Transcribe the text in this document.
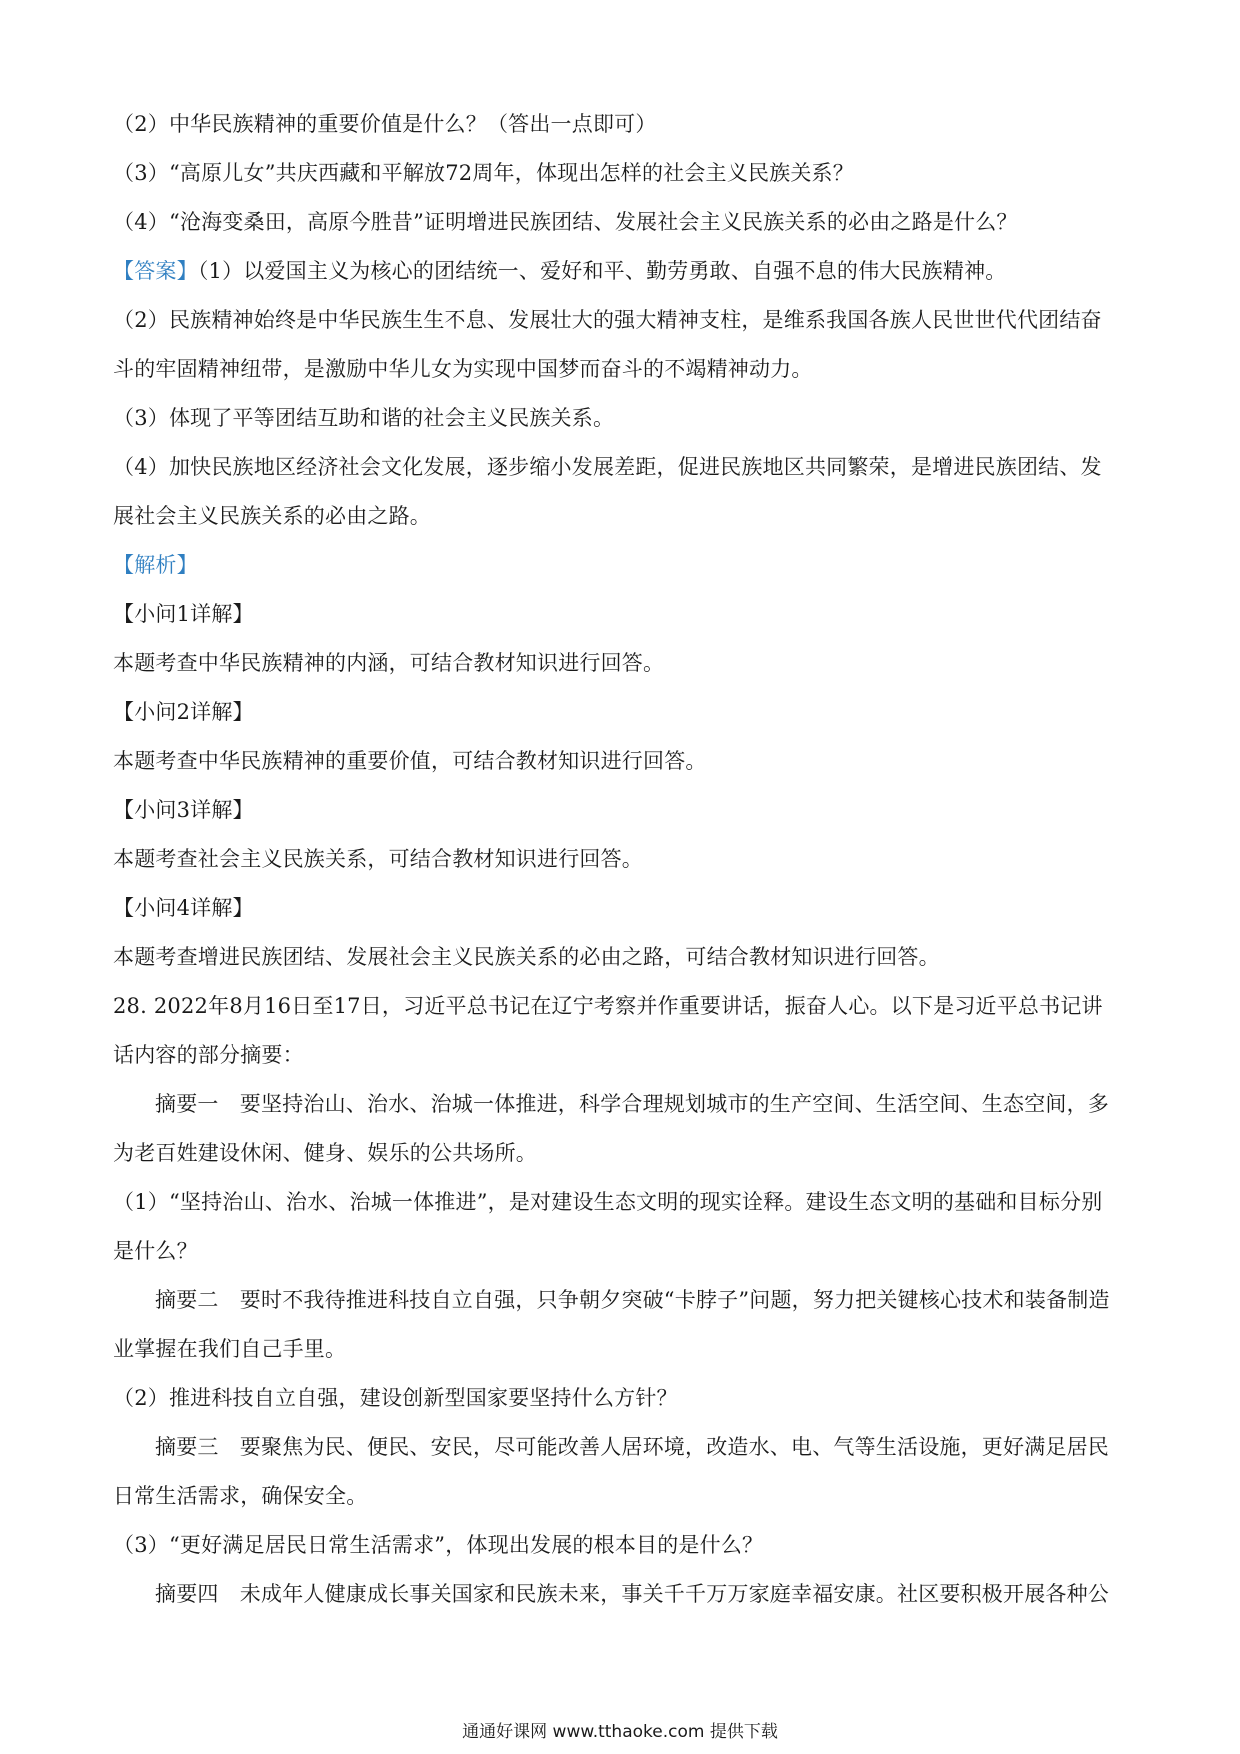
（2）中华民族精神的重要价值是什么？（答出一点即可）
（3）“高原儿女”共庆西藏和平解放72周年，体现出怎样的社会主义民族关系？
（4）“沧海变桑田，高原今胜昔”证明增进民族团结、发展社会主义民族关系的必由之路是什么？
【答案】（1）以爱国主义为核心的团结统一、爱好和平、勤劳勇敢、自强不息的伟大民族精神。
（2）民族精神始终是中华民族生生不息、发展壮大的强大精神支柱，是维系我国各族人民世世代代团结奋
斗的牢固精神纽带，是激励中华儿女为实现中国梦而奋斗的不竭精神动力。
（3）体现了平等团结互助和谐的社会主义民族关系。
（4）加快民族地区经济社会文化发展，逐步缩小发展差距，促进民族地区共同繁荣，是增进民族团结、发
展社会主义民族关系的必由之路。
【解析】
【小问1详解】
本题考查中华民族精神的内涵，可结合教材知识进行回答。
【小问2详解】
本题考查中华民族精神的重要价值，可结合教材知识进行回答。
【小问3详解】
本题考查社会主义民族关系，可结合教材知识进行回答。
【小问4详解】
本题考查增进民族团结、发展社会主义民族关系的必由之路，可结合教材知识进行回答。
28. 2022年8月16日至17日，习近平总书记在辽宁考察并作重要讲话，振奋人心。以下是习近平总书记讲
话内容的部分摘要：
摘要一　要坚持治山、治水、治城一体推进，科学合理规划城市的生产空间、生活空间、生态空间，多
为老百姓建设休闲、健身、娱乐的公共场所。
（1）“坚持治山、治水、治城一体推进”，是对建设生态文明的现实诠释。建设生态文明的基础和目标分别
是什么？
摘要二　要时不我待推进科技自立自强，只争朝夕突破“卡脖子”问题，努力把关键核心技术和装备制造
业掌握在我们自己手里。
（2）推进科技自立自强，建设创新型国家要坚持什么方针？
摘要三　要聚焦为民、便民、安民，尽可能改善人居环境，改造水、电、气等生活设施，更好满足居民
日常生活需求，确保安全。
（3）“更好满足居民日常生活需求”，体现出发展的根本目的是什么？
摘要四　未成年人健康成长事关国家和民族未来，事关千千万万家庭幸福安康。社区要积极开展各种公
通通好课网 www.tthaoke.com 提供下载
